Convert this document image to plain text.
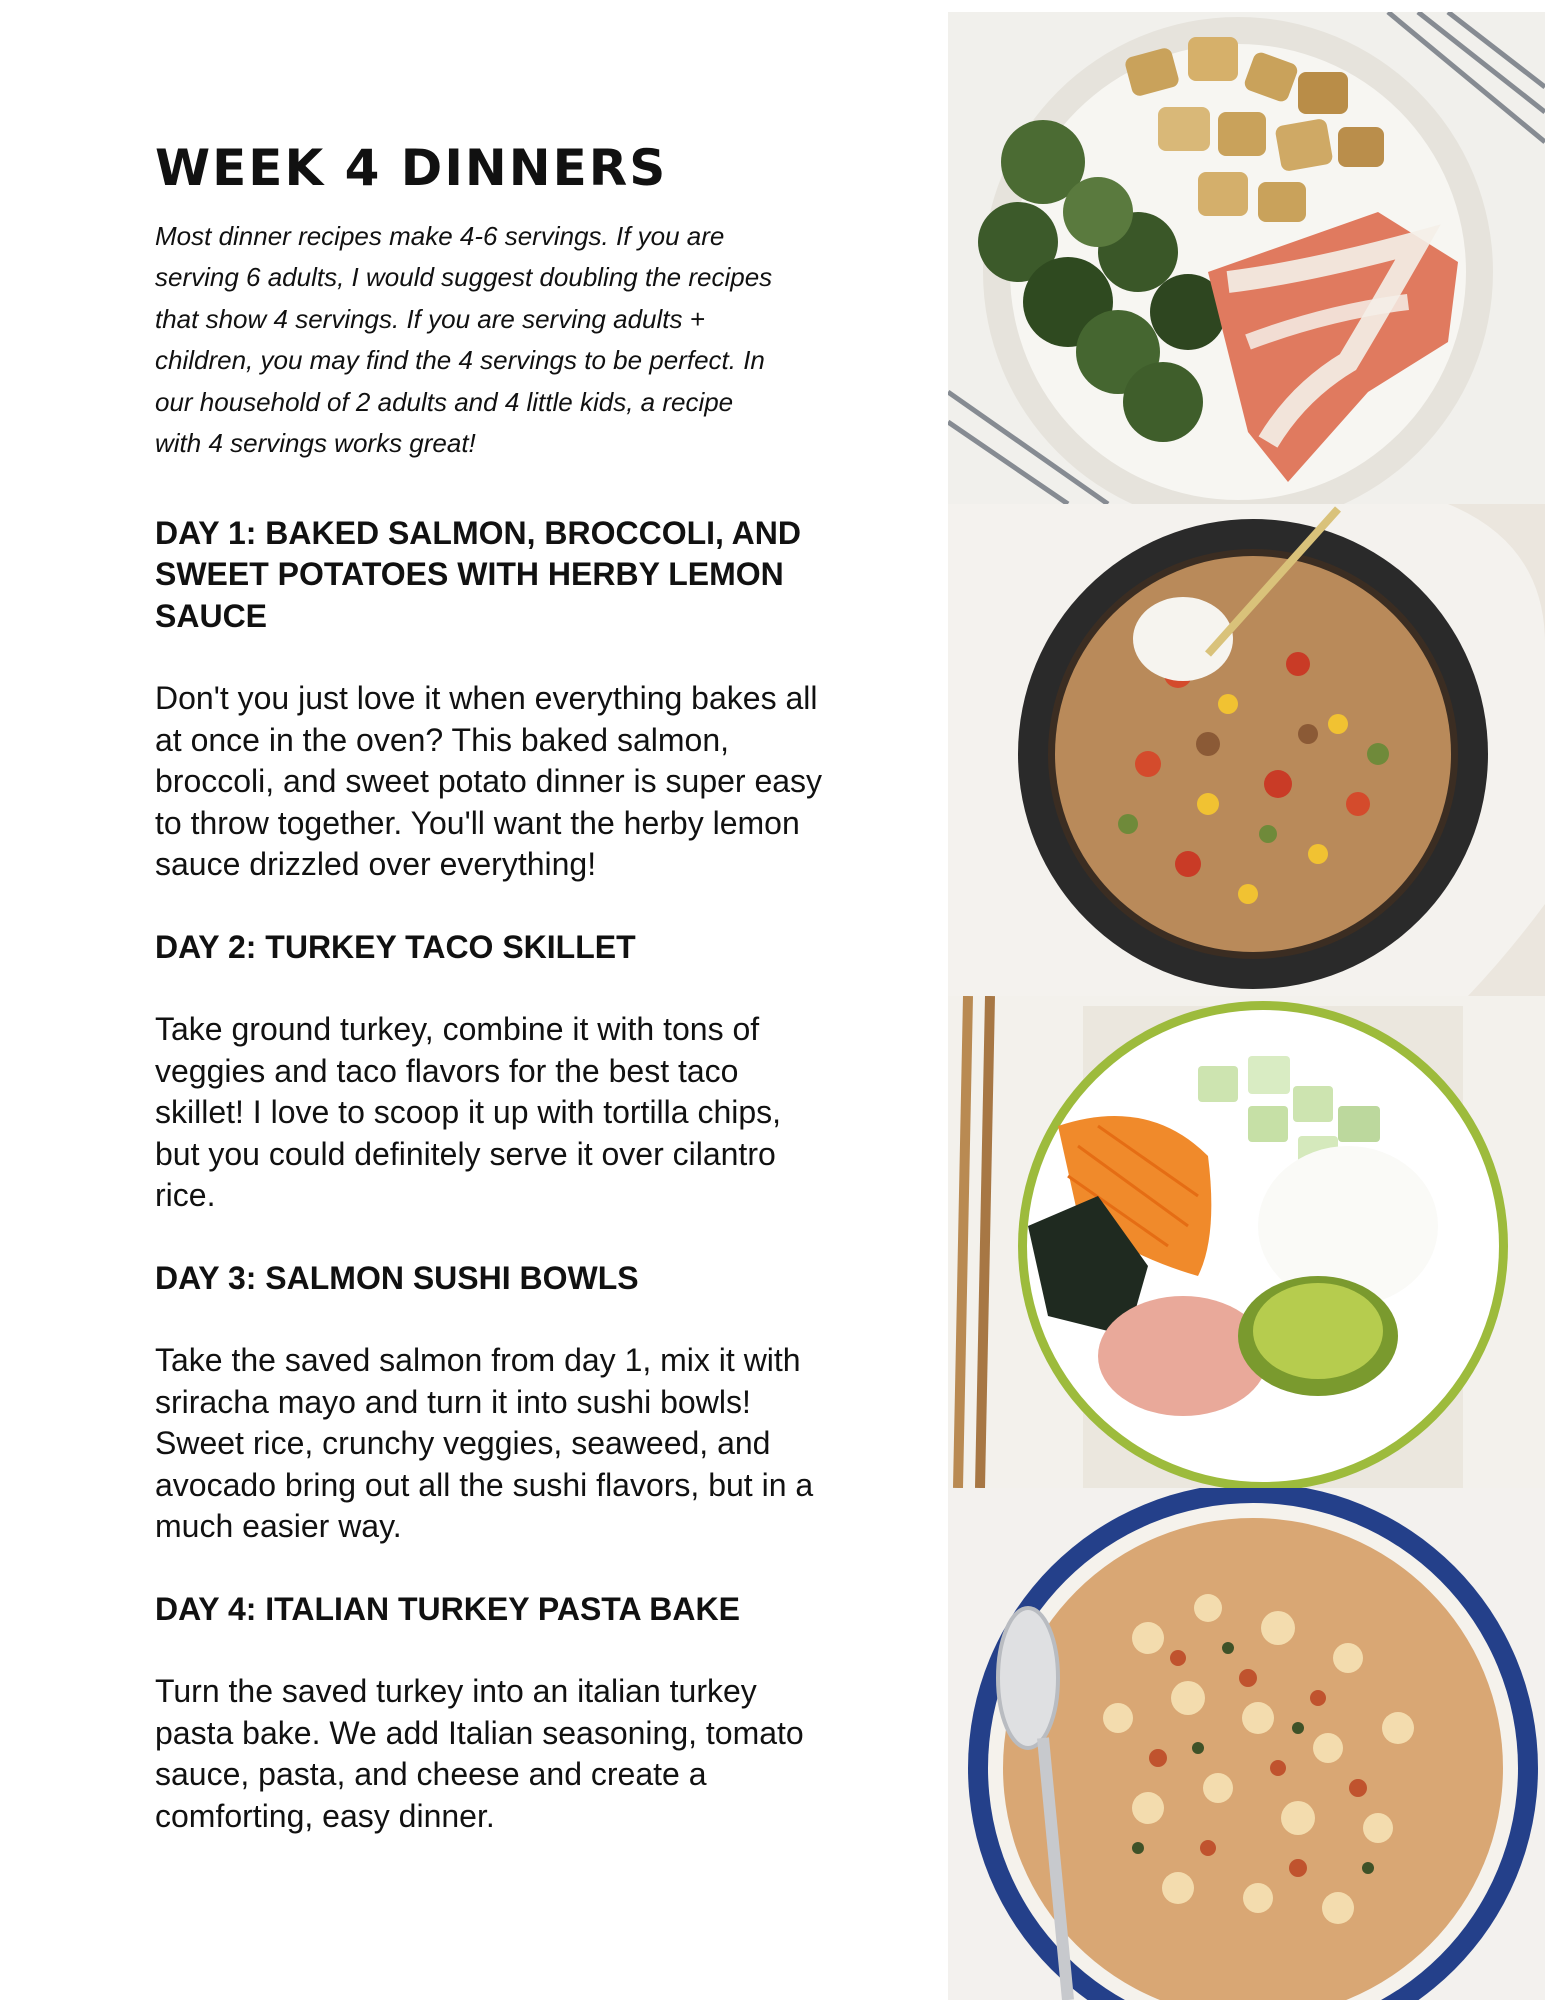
WEEK 4 DINNERS

Most dinner recipes make 4-6 servings. If you are serving 6 adults, I would suggest doubling the recipes that show 4 servings. If you are serving adults + children, you may find the 4 servings to be perfect. In our household of 2 adults and 4 little kids, a recipe with 4 servings works great!

DAY 1: BAKED SALMON, BROCCOLI, AND SWEET POTATOES WITH HERBY LEMON SAUCE

Don't you just love it when everything bakes all at once in the oven? This baked salmon, broccoli, and sweet potato dinner is super easy to throw together. You'll want the herby lemon sauce drizzled over everything!

DAY 2: TURKEY TACO SKILLET

Take ground turkey, combine it with tons of veggies and taco flavors for the best taco skillet! I love to scoop it up with tortilla chips, but you could definitely serve it over cilantro rice.

DAY 3: SALMON SUSHI BOWLS

Take the saved salmon from day 1, mix it with sriracha mayo and turn it into sushi bowls! Sweet rice, crunchy veggies, seaweed, and avocado bring out all the sushi flavors, but in a much easier way.

DAY 4: ITALIAN TURKEY PASTA BAKE

Turn the saved turkey into an italian turkey pasta bake. We add Italian seasoning, tomato sauce, pasta, and cheese and create a comforting, easy dinner.
